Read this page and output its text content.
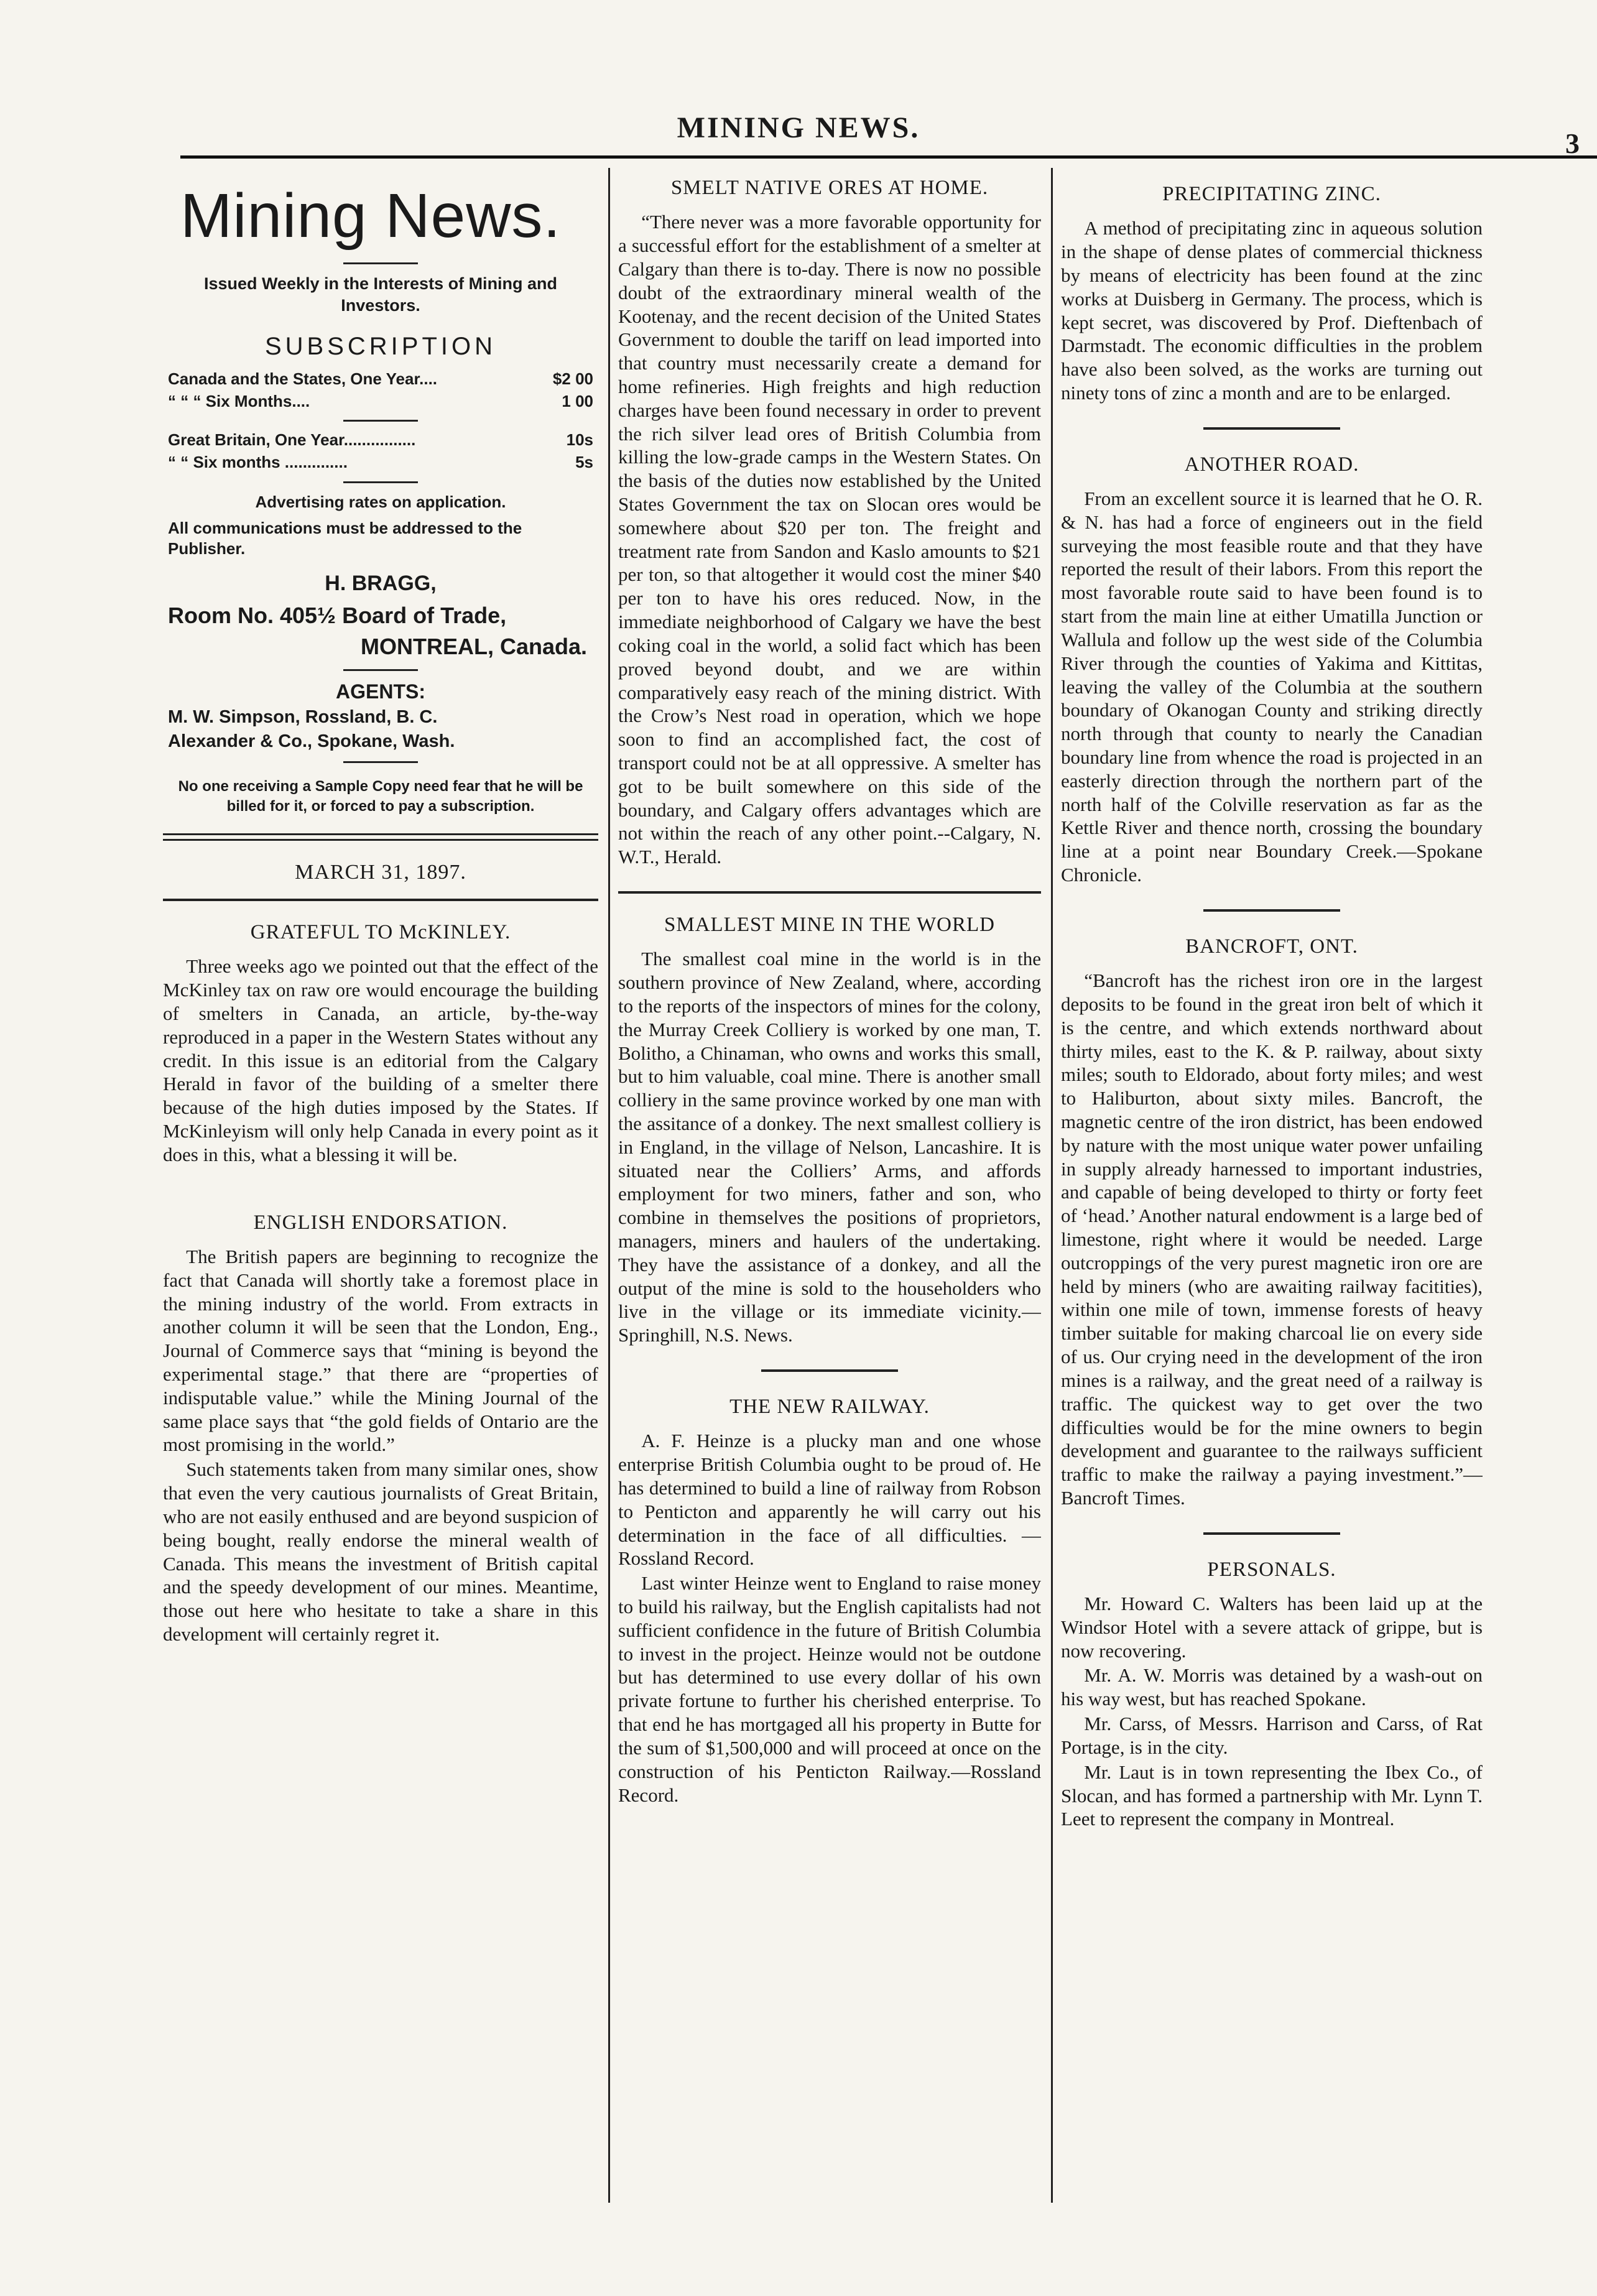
MINING NEWS.	3
Mining News.
Issued Weekly in the Interests of Mining and Investors.
SUBSCRIPTION
Canada and the States, One Year....	$2 00
“ “ “ Six Months....	1 00
Great Britain, One Year................	10s
“ “ Six months ..............	5s
Advertising rates on application.
All communications must be addressed to the Publisher.
H. BRAGG,
Room No. 405½ Board of Trade,
MONTREAL, Canada.
AGENTS:
M. W. Simpson, Rossland, B. C.
Alexander & Co., Spokane, Wash.
No one receiving a Sample Copy need fear that he will be billed for it, or forced to pay a subscription.
MARCH 31, 1897.
GRATEFUL TO McKINLEY.

Three weeks ago we pointed out that the effect of the McKinley tax on raw ore would encourage the building of smelters in Canada, an article, by-the-way reproduced in a paper in the Western States without any credit. In this issue is an editorial from the Calgary Herald in favor of the building of a smelter there because of the high duties imposed by the States. If McKinleyism will only help Canada in every point as it does in this, what a blessing it will be.

ENGLISH ENDORSATION.

The British papers are beginning to recognize the fact that Canada will shortly take a foremost place in the mining industry of the world. From extracts in another column it will be seen that the London, Eng., Journal of Commerce says that “mining is beyond the experimental stage.” that there are “properties of indisputable value.” while the Mining Journal of the same place says that “the gold fields of Ontario are the most promising in the world.”

Such statements taken from many similar ones, show that even the very cautious journalists of Great Britain, who are not easily enthused and are beyond suspicion of being bought, really endorse the mineral wealth of Canada. This means the investment of British capital and the speedy development of our mines. Meantime, those out here who hesitate to take a share in this development will certainly regret it.

SMELT NATIVE ORES AT HOME.

“There never was a more favorable opportunity for a successful effort for the establishment of a smelter at Calgary than there is to-day. There is now no possible doubt of the extraordinary mineral wealth of the Kootenay, and the recent decision of the United States Government to double the tariff on lead imported into that country must necessarily create a demand for home refineries. High freights and high reduction charges have been found necessary in order to prevent the rich silver lead ores of British Columbia from killing the low-grade camps in the Western States. On the basis of the duties now established by the United States Government the tax on Slocan ores would be somewhere about $20 per ton. The freight and treatment rate from Sandon and Kaslo amounts to $21 per ton, so that altogether it would cost the miner $40 per ton to have his ores reduced. Now, in the immediate neighborhood of Calgary we have the best coking coal in the world, a solid fact which has been proved beyond doubt, and we are within comparatively easy reach of the mining district. With the Crow’s Nest road in operation, which we hope soon to find an accomplished fact, the cost of transport could not be at all oppressive. A smelter has got to be built somewhere on this side of the boundary, and Calgary offers advantages which are not within the reach of any other point.--Calgary, N. W.T., Herald.

SMALLEST MINE IN THE WORLD

The smallest coal mine in the world is in the southern province of New Zealand, where, according to the reports of the inspectors of mines for the colony, the Murray Creek Colliery is worked by one man, T. Bolitho, a Chinaman, who owns and works this small, but to him valuable, coal mine. There is another small colliery in the same province worked by one man with the assitance of a donkey. The next smallest colliery is in England, in the village of Nelson, Lancashire. It is situated near the Colliers’ Arms, and affords employment for two miners, father and son, who combine in themselves the positions of proprietors, managers, miners and haulers of the undertaking. They have the assistance of a donkey, and all the output of the mine is sold to the householders who live in the village or its immediate vicinity.—Springhill, N.S. News.

THE NEW RAILWAY.

A. F. Heinze is a plucky man and one whose enterprise British Columbia ought to be proud of. He has determined to build a line of railway from Robson to Penticton and apparently he will carry out his determination in the face of all difficulties. —Rossland Record.

Last winter Heinze went to England to raise money to build his railway, but the English capitalists had not sufficient confidence in the future of British Columbia to invest in the project. Heinze would not be outdone but has determined to use every dollar of his own private fortune to further his cherished enterprise. To that end he has mortgaged all his property in Butte for the sum of $1,500,000 and will proceed at once on the construction of his Penticton Railway.—Rossland Record.

PRECIPITATING ZINC.

A method of precipitating zinc in aqueous solution in the shape of dense plates of commercial thickness by means of electricity has been found at the zinc works at Duisberg in Germany. The process, which is kept secret, was discovered by Prof. Dieftenbach of Darmstadt. The economic difficulties in the problem have also been solved, as the works are turning out ninety tons of zinc a month and are to be enlarged.

ANOTHER ROAD.

From an excellent source it is learned that he O. R. & N. has had a force of engineers out in the field surveying the most feasible route and that they have reported the result of their labors. From this report the most favorable route said to have been found is to start from the main line at either Umatilla Junction or Wallula and follow up the west side of the Columbia River through the counties of Yakima and Kittitas, leaving the valley of the Columbia at the southern boundary of Okanogan County and striking directly north through that county to nearly the Canadian boundary line from whence the road is projected in an easterly direction through the northern part of the north half of the Colville reservation as far as the Kettle River and thence north, crossing the boundary line at a point near Boundary Creek.—Spokane Chronicle.

BANCROFT, ONT.

“Bancroft has the richest iron ore in the largest deposits to be found in the great iron belt of which it is the centre, and which extends northward about thirty miles, east to the K. & P. railway, about sixty miles; south to Eldorado, about forty miles; and west to Haliburton, about sixty miles. Bancroft, the magnetic centre of the iron district, has been endowed by nature with the most unique water power unfailing in supply already harnessed to important industries, and capable of being developed to thirty or forty feet of ‘head.’ Another natural endowment is a large bed of limestone, right where it would be needed. Large outcroppings of the very purest magnetic iron ore are held by miners (who are awaiting railway facitities), within one mile of town, immense forests of heavy timber suitable for making charcoal lie on every side of us. Our crying need in the development of the iron mines is a railway, and the great need of a railway is traffic. The quickest way to get over the two difficulties would be for the mine owners to begin development and guarantee to the railways sufficient traffic to make the railway a paying investment.”—Bancroft Times.

PERSONALS.

Mr. Howard C. Walters has been laid up at the Windsor Hotel with a severe attack of grippe, but is now recovering.

Mr. A. W. Morris was detained by a wash-out on his way west, but has reached Spokane.

Mr. Carss, of Messrs. Harrison and Carss, of Rat Portage, is in the city.

Mr. Laut is in town representing the Ibex Co., of Slocan, and has formed a partnership with Mr. Lynn T. Leet to represent the company in Montreal.
